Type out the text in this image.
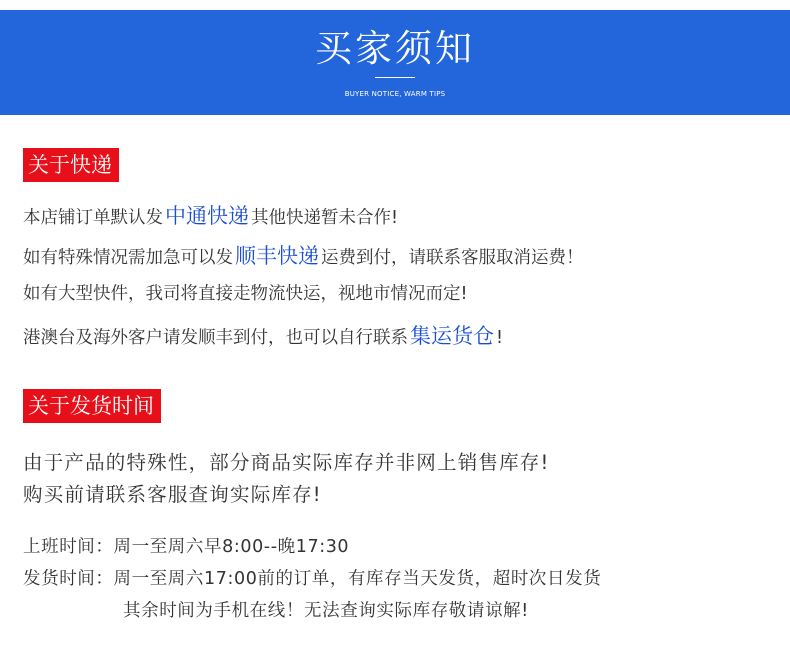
买家须知
BUYER NOTICE, WARM TIPS
关于快递
本店铺订单默认发中通快递 其他快递暂未合作!
如有特殊情况需加急可以发顺丰快递 运费到付，请联系客服取消运费！
如有大型快件，我司将直接走物流快运，视地市情况而定!
港澳台及海外客户请发顺丰到付，也可以自行联系集运货仓 !
关于发货时间
由于产品的特殊性，部分商品实际库存并非网上销售库存!
购买前请联系客服查询实际库存!
上班时间：周一至周六早8:00--晚17:30
发货时间：周一至周六17:00前的订单，有库存当天发货，超时次日发货
其余时间为手机在线！无法查询实际库存敬请谅解!
